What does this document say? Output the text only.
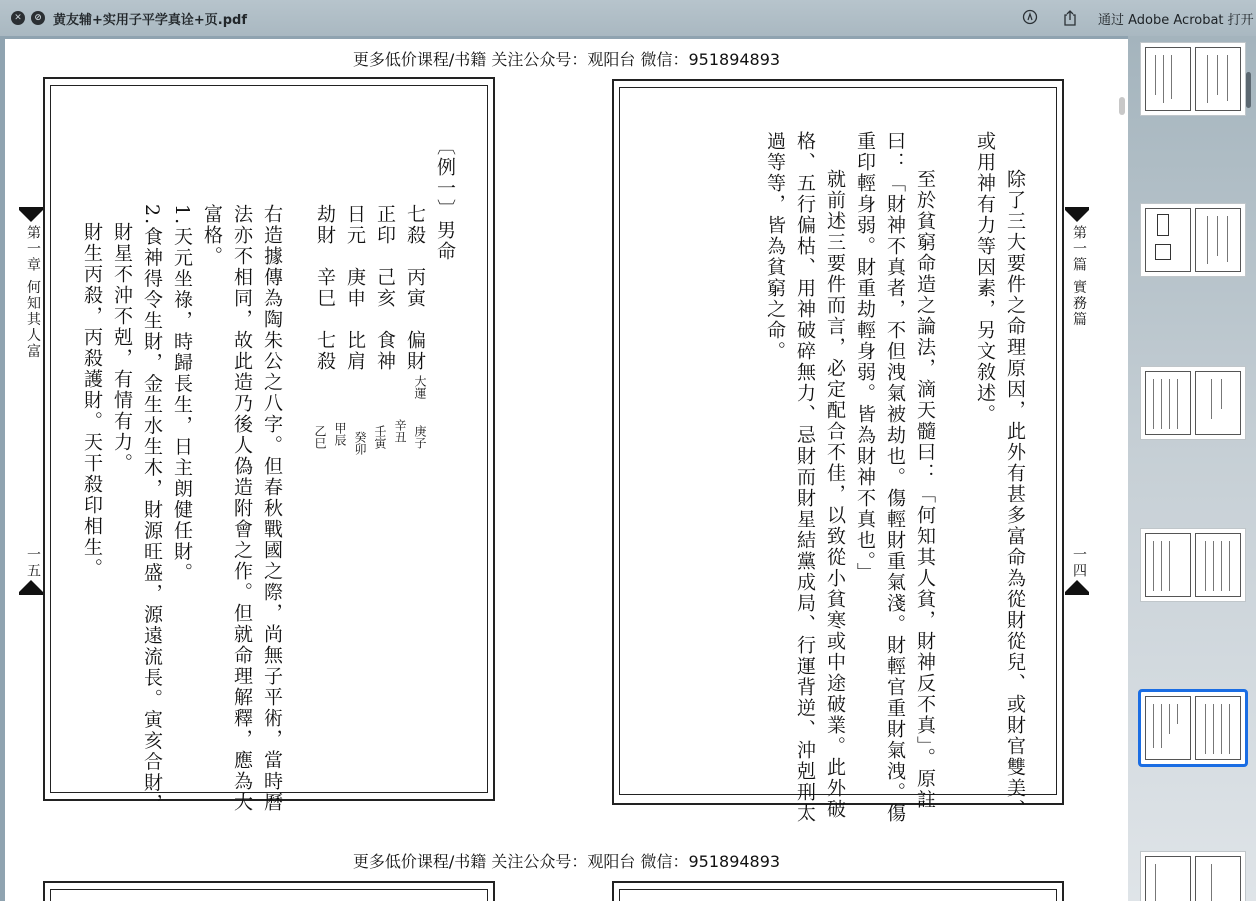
✕	⊘ 黄友辅+实用子平学真诠+页.pdf	通过 Adobe Acrobat 打开
更多低价课程/书籍 关注公众号：观阳台 微信：951894893
第一章 何知其人富
一五
〔例一〕男命
七殺　丙寅　偏財
正印　己亥　食神
日元　庚申　比肩
劫財　辛巳　七殺
大運
庚子
辛丑
壬寅
癸卯
甲辰
乙巳
右造據傳為陶朱公之八字。但春秋戰國之際，尚無子平術，當時曆
法亦不相同，故此造乃後人偽造附會之作。但就命理解釋，應為大
富格。
1.天元坐祿，時歸長生，日主朗健任財。
2.食神得令生財，金生水生木，財源旺盛，源遠流長。寅亥合財，
財星不沖不剋，有情有力。
財生丙殺，丙殺護財。天干殺印相生。	第一篇 實務篇
一四
除了三大要件之命理原因，此外有甚多富命為從財從兒、或財官雙美、
或用神有力等因素，另文敘述。
至於貧窮命造之論法，滴天髓曰：「何知其人貧，財神反不真」。原註
曰：「財神不真者，不但洩氣被劫也。傷輕財重氣淺。財輕官重財氣洩。傷
重印輕身弱。財重劫輕身弱。皆為財神不真也。」
就前述三要件而言，必定配合不佳，以致從小貧寒或中途破業。此外破
格、五行偏枯、用神破碎無力、忌財而財星結黨成局、行運背逆、沖剋刑太
過等等，皆為貧窮之命。
更多低价课程/书籍 关注公众号：观阳台 微信：951894893
